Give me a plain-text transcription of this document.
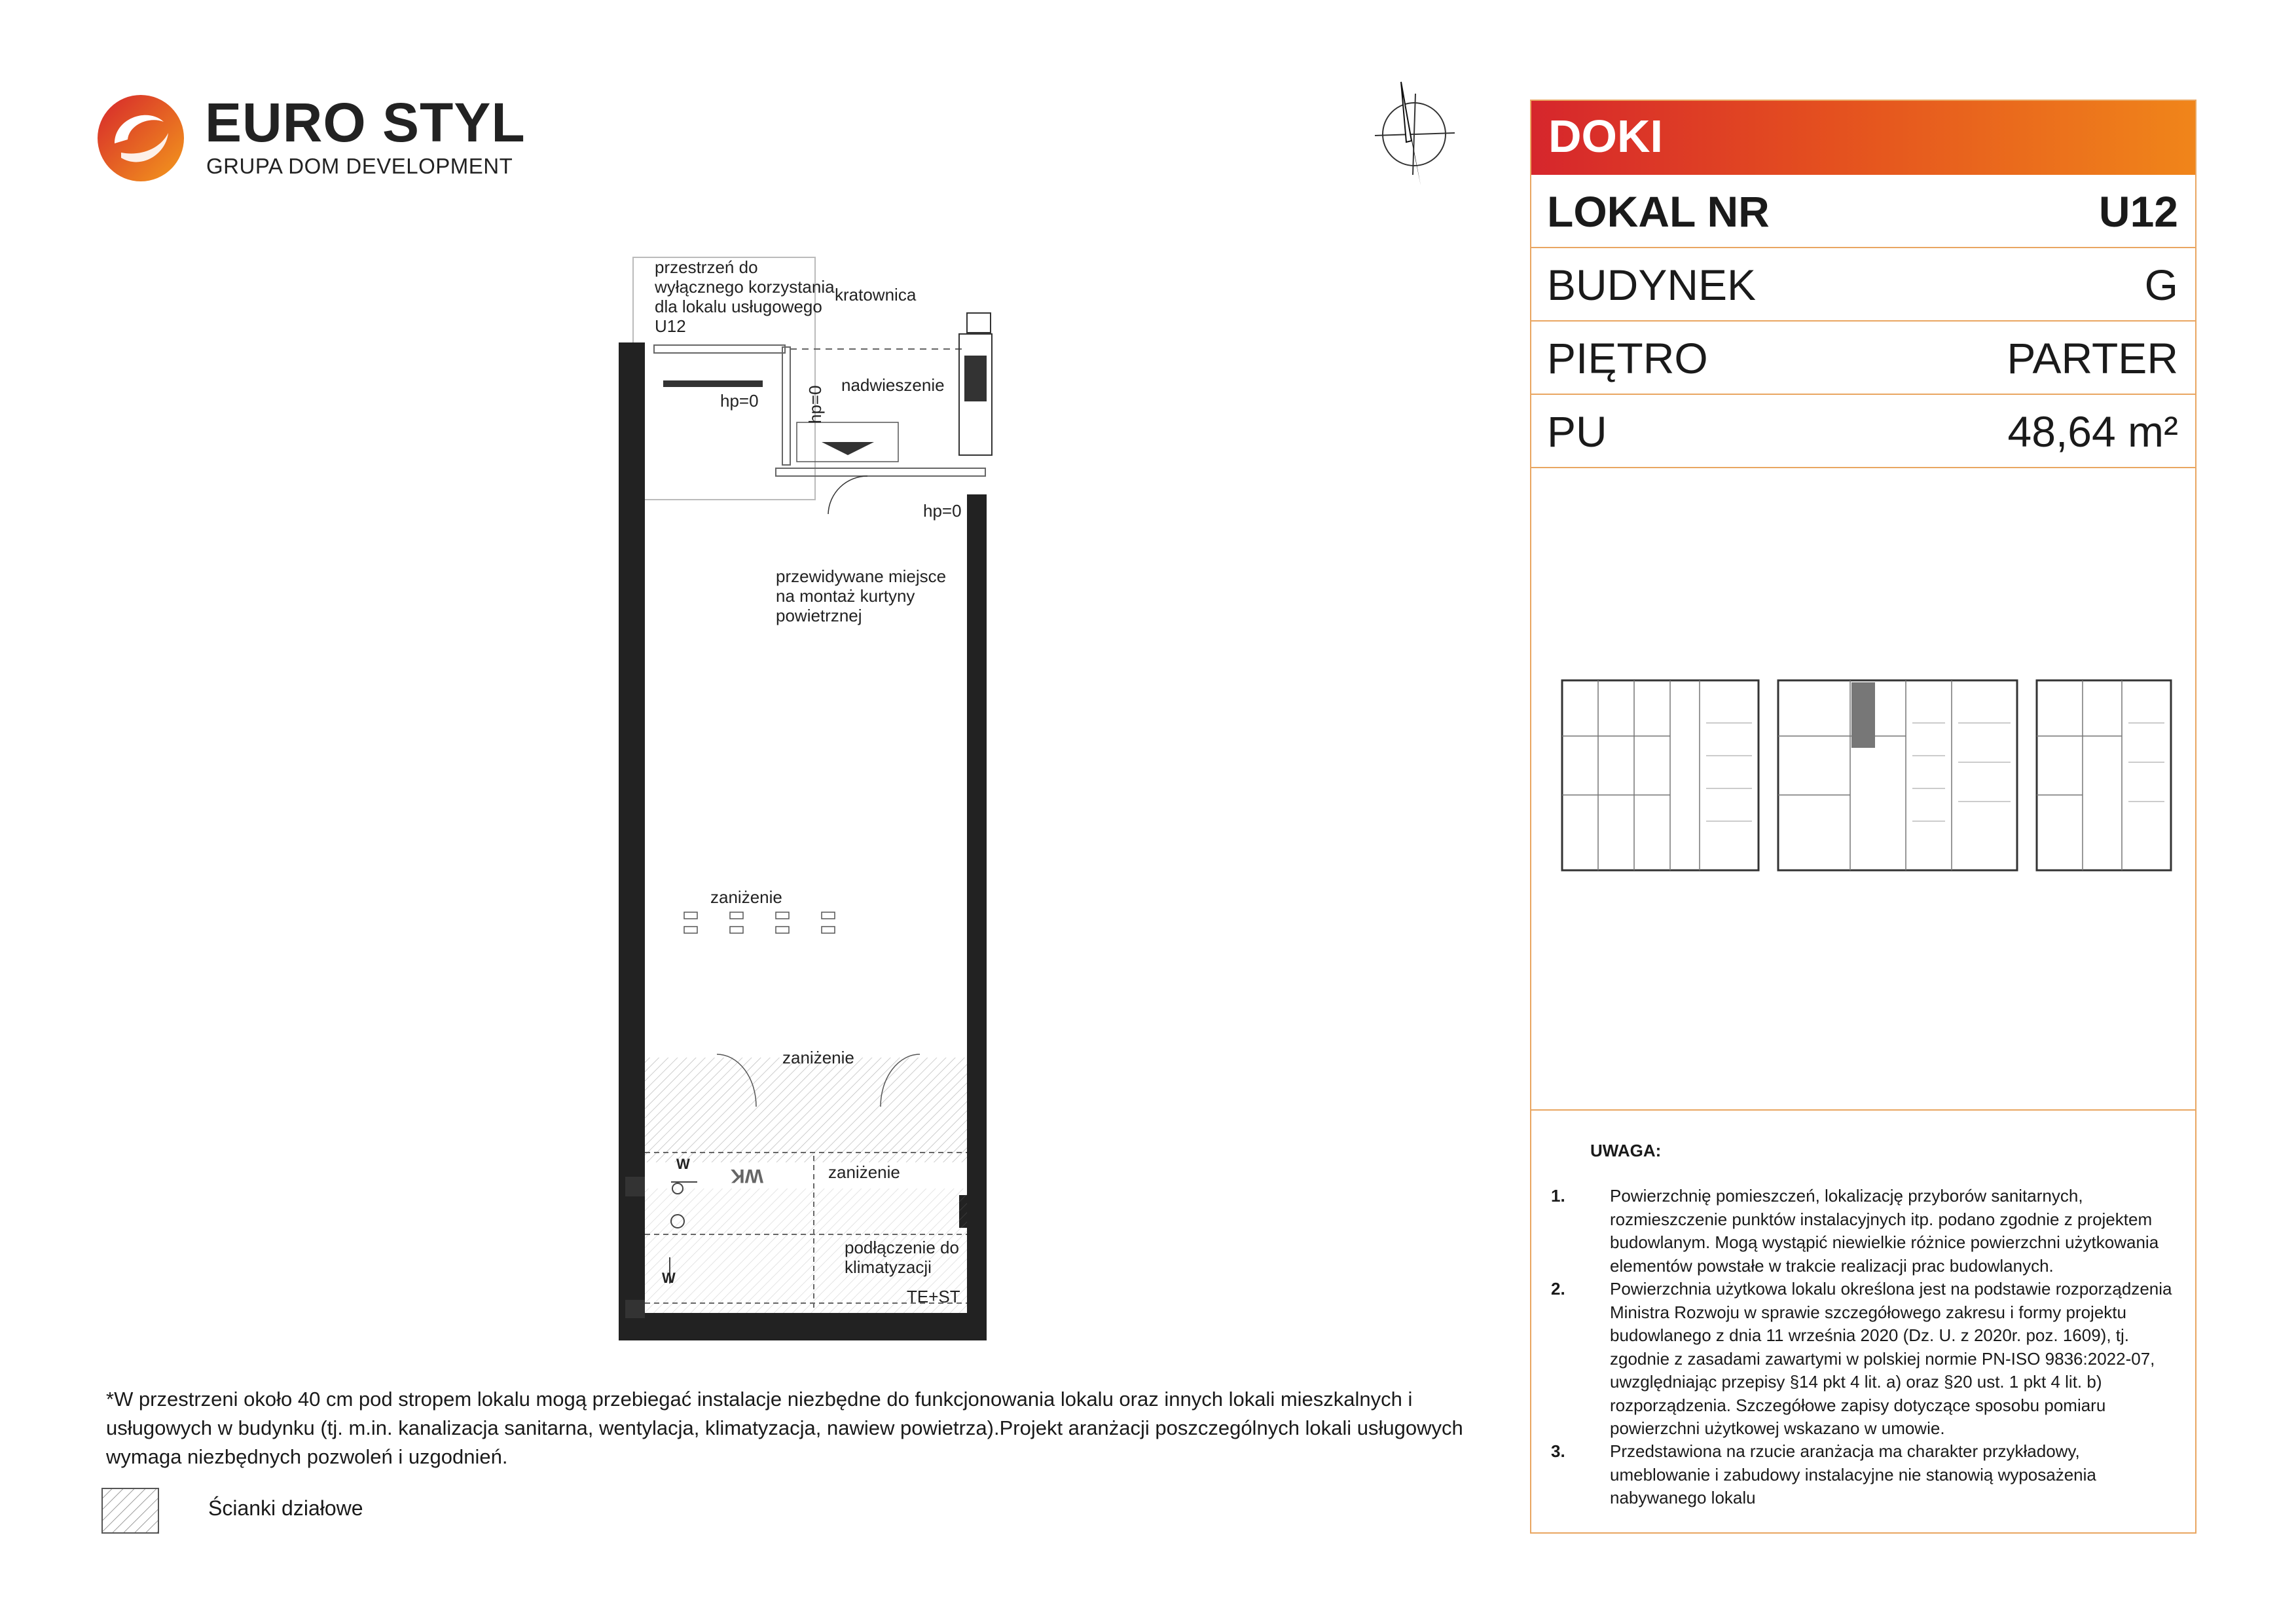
EURO STYL
GRUPA DOM DEVELOPMENT
DOKI
LOKAL NR	U12
BUDYNEK	G
PIĘTRO	PARTER
PU	48,64 m²
UWAGA:
1.	Powierzchnię pomieszczeń, lokalizację przyborów sanitarnych, rozmieszczenie punktów instalacyjnych itp. podano zgodnie z projektem budowlanym. Mogą wystąpić niewielkie różnice powierzchni użytkowania elementów powstałe w trakcie realizacji prac budowlanych.
2.	Powierzchnia użytkowa lokalu określona jest na podstawie rozporządzenia Ministra Rozwoju w sprawie szczegółowego zakresu i formy projektu budowlanego z dnia 11 września 2020 (Dz. U. z 2020r. poz. 1609), tj. zgodnie z zasadami zawartymi w polskiej normie PN-ISO 9836:2022-07, uwzględniając przepisy §14 pkt 4 lit. a) oraz §20 ust. 1 pkt 4 lit. b) rozporządzenia. Szczegółowe zapisy dotyczące sposobu pomiaru powierzchni użytkowej wskazano w umowie.
3.	Przedstawiona na rzucie aranżacja ma charakter przykładowy, umeblowanie i zabudowy instalacyjne nie stanowią wyposażenia nabywanego lokalu
przestrzeń do wyłącznego korzystania dla lokalu usługowego U12
kratownica
nadwieszenie
hp=0	hp=0
hp=0
przewidywane miejsce na montaż kurtyny powietrznej
zaniżenie
zaniżenie
zaniżenie
podłączenie do klimatyzacji
TE+ST
W
W
WK
*W przestrzeni około 40 cm pod stropem lokalu mogą przebiegać instalacje niezbędne do funkcjonowania lokalu oraz innych lokali mieszkalnych i usługowych w budynku (tj. m.in. kanalizacja sanitarna, wentylacja, klimatyzacja, nawiew powietrza).Projekt aranżacji poszczególnych lokali usługowych wymaga niezbędnych pozwoleń i uzgodnień.
Ścianki działowe
